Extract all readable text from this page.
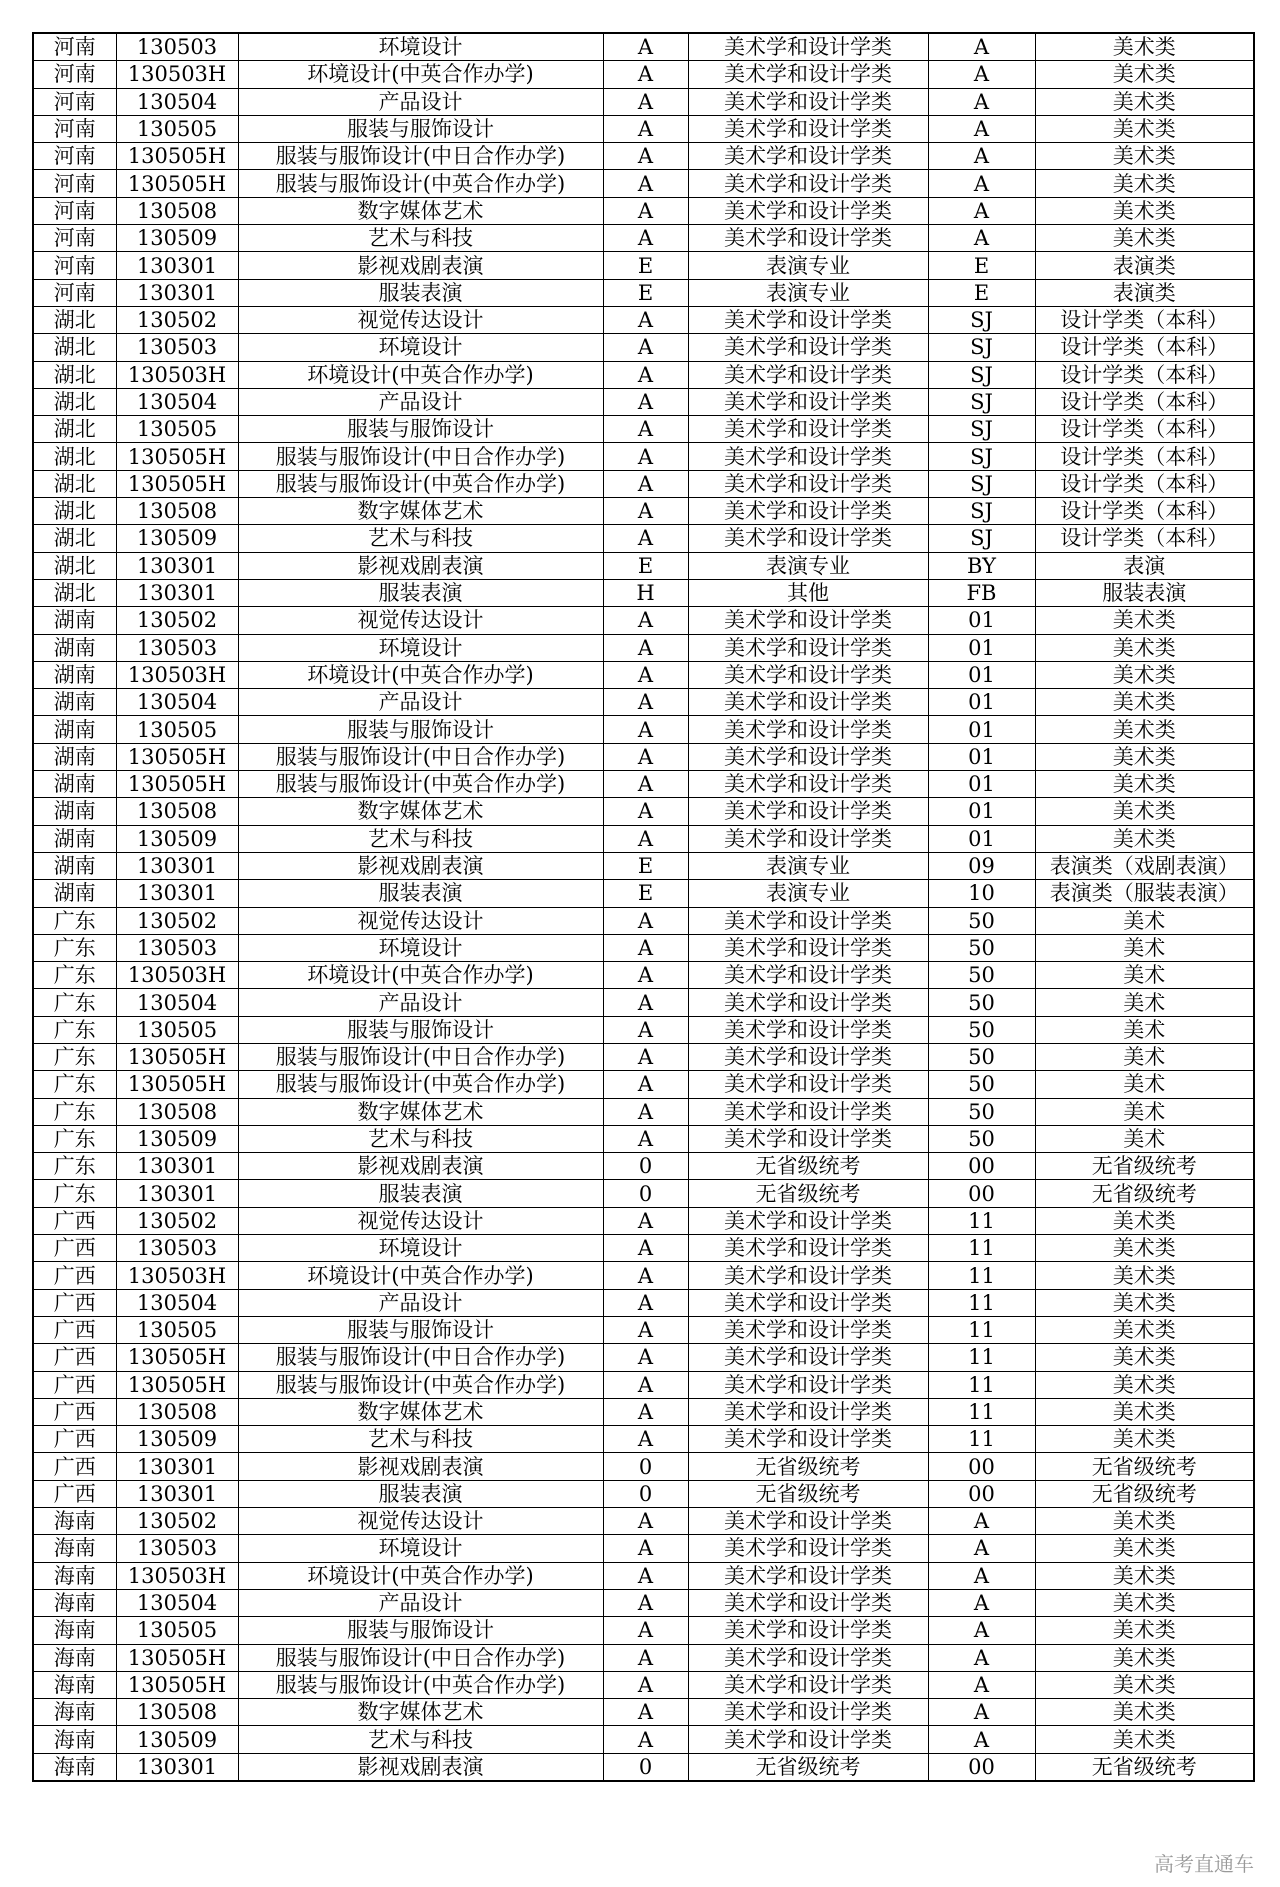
河南	130503	环境设计	A	美术学和设计学类	A	美术类
河南	130503H	环境设计(中英合作办学)	A	美术学和设计学类	A	美术类
河南	130504	产品设计	A	美术学和设计学类	A	美术类
河南	130505	服装与服饰设计	A	美术学和设计学类	A	美术类
河南	130505H	服装与服饰设计(中日合作办学)	A	美术学和设计学类	A	美术类
河南	130505H	服装与服饰设计(中英合作办学)	A	美术学和设计学类	A	美术类
河南	130508	数字媒体艺术	A	美术学和设计学类	A	美术类
河南	130509	艺术与科技	A	美术学和设计学类	A	美术类
河南	130301	影视戏剧表演	E	表演专业	E	表演类
河南	130301	服装表演	E	表演专业	E	表演类
湖北	130502	视觉传达设计	A	美术学和设计学类	SJ	设计学类（本科）
湖北	130503	环境设计	A	美术学和设计学类	SJ	设计学类（本科）
湖北	130503H	环境设计(中英合作办学)	A	美术学和设计学类	SJ	设计学类（本科）
湖北	130504	产品设计	A	美术学和设计学类	SJ	设计学类（本科）
湖北	130505	服装与服饰设计	A	美术学和设计学类	SJ	设计学类（本科）
湖北	130505H	服装与服饰设计(中日合作办学)	A	美术学和设计学类	SJ	设计学类（本科）
湖北	130505H	服装与服饰设计(中英合作办学)	A	美术学和设计学类	SJ	设计学类（本科）
湖北	130508	数字媒体艺术	A	美术学和设计学类	SJ	设计学类（本科）
湖北	130509	艺术与科技	A	美术学和设计学类	SJ	设计学类（本科）
湖北	130301	影视戏剧表演	E	表演专业	BY	表演
湖北	130301	服装表演	H	其他	FB	服装表演
湖南	130502	视觉传达设计	A	美术学和设计学类	01	美术类
湖南	130503	环境设计	A	美术学和设计学类	01	美术类
湖南	130503H	环境设计(中英合作办学)	A	美术学和设计学类	01	美术类
湖南	130504	产品设计	A	美术学和设计学类	01	美术类
湖南	130505	服装与服饰设计	A	美术学和设计学类	01	美术类
湖南	130505H	服装与服饰设计(中日合作办学)	A	美术学和设计学类	01	美术类
湖南	130505H	服装与服饰设计(中英合作办学)	A	美术学和设计学类	01	美术类
湖南	130508	数字媒体艺术	A	美术学和设计学类	01	美术类
湖南	130509	艺术与科技	A	美术学和设计学类	01	美术类
湖南	130301	影视戏剧表演	E	表演专业	09	表演类（戏剧表演）
湖南	130301	服装表演	E	表演专业	10	表演类（服装表演）
广东	130502	视觉传达设计	A	美术学和设计学类	50	美术
广东	130503	环境设计	A	美术学和设计学类	50	美术
广东	130503H	环境设计(中英合作办学)	A	美术学和设计学类	50	美术
广东	130504	产品设计	A	美术学和设计学类	50	美术
广东	130505	服装与服饰设计	A	美术学和设计学类	50	美术
广东	130505H	服装与服饰设计(中日合作办学)	A	美术学和设计学类	50	美术
广东	130505H	服装与服饰设计(中英合作办学)	A	美术学和设计学类	50	美术
广东	130508	数字媒体艺术	A	美术学和设计学类	50	美术
广东	130509	艺术与科技	A	美术学和设计学类	50	美术
广东	130301	影视戏剧表演	0	无省级统考	00	无省级统考
广东	130301	服装表演	0	无省级统考	00	无省级统考
广西	130502	视觉传达设计	A	美术学和设计学类	11	美术类
广西	130503	环境设计	A	美术学和设计学类	11	美术类
广西	130503H	环境设计(中英合作办学)	A	美术学和设计学类	11	美术类
广西	130504	产品设计	A	美术学和设计学类	11	美术类
广西	130505	服装与服饰设计	A	美术学和设计学类	11	美术类
广西	130505H	服装与服饰设计(中日合作办学)	A	美术学和设计学类	11	美术类
广西	130505H	服装与服饰设计(中英合作办学)	A	美术学和设计学类	11	美术类
广西	130508	数字媒体艺术	A	美术学和设计学类	11	美术类
广西	130509	艺术与科技	A	美术学和设计学类	11	美术类
广西	130301	影视戏剧表演	0	无省级统考	00	无省级统考
广西	130301	服装表演	0	无省级统考	00	无省级统考
海南	130502	视觉传达设计	A	美术学和设计学类	A	美术类
海南	130503	环境设计	A	美术学和设计学类	A	美术类
海南	130503H	环境设计(中英合作办学)	A	美术学和设计学类	A	美术类
海南	130504	产品设计	A	美术学和设计学类	A	美术类
海南	130505	服装与服饰设计	A	美术学和设计学类	A	美术类
海南	130505H	服装与服饰设计(中日合作办学)	A	美术学和设计学类	A	美术类
海南	130505H	服装与服饰设计(中英合作办学)	A	美术学和设计学类	A	美术类
海南	130508	数字媒体艺术	A	美术学和设计学类	A	美术类
海南	130509	艺术与科技	A	美术学和设计学类	A	美术类
海南	130301	影视戏剧表演	0	无省级统考	00	无省级统考
高考直通车
